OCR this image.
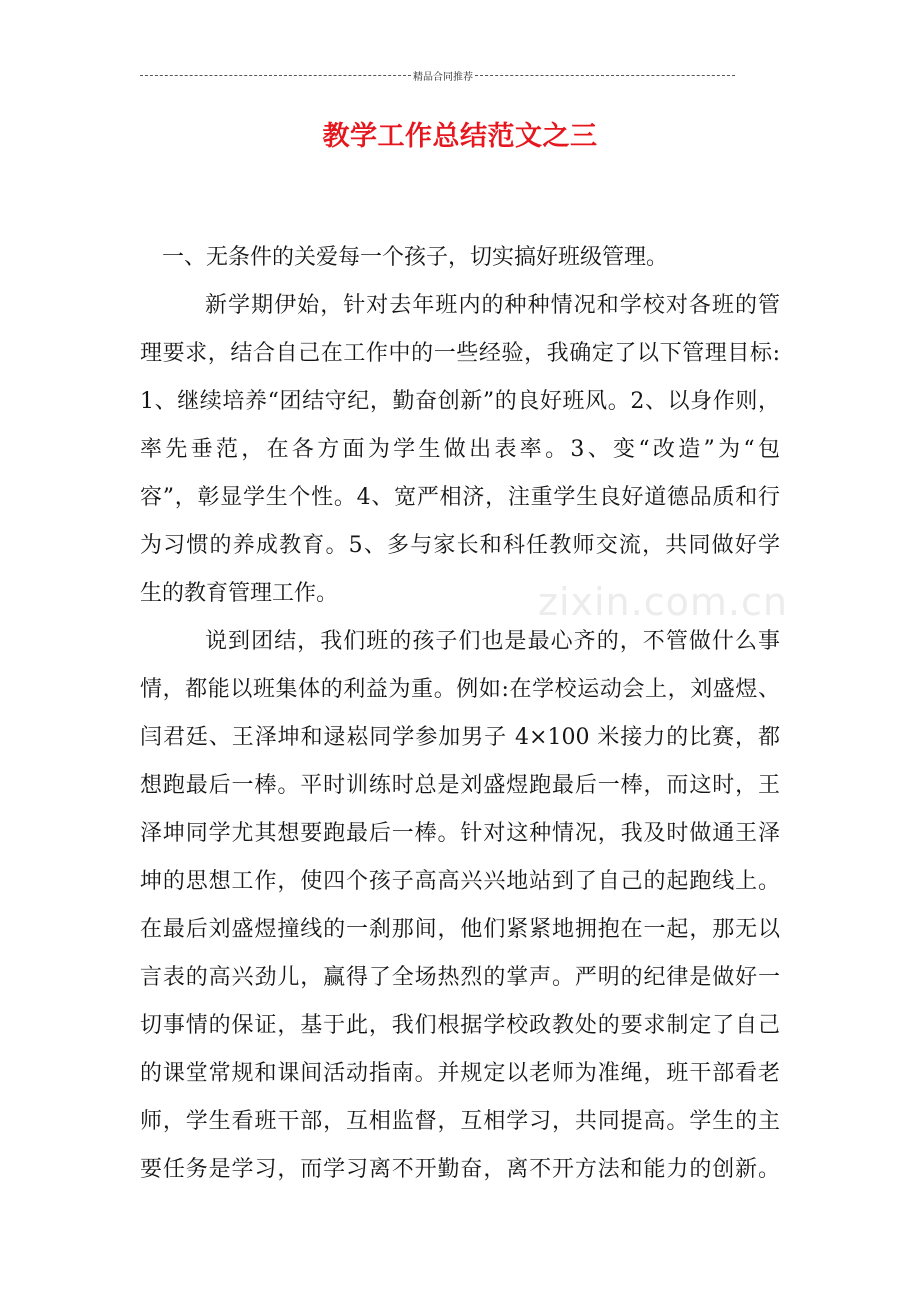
精品合同推荐
教学工作总结范文之三
zixin.com.cn
一、无条件的关爱每一个孩子，切实搞好班级管理。
新学期伊始，针对去年班内的种种情况和学校对各班的管
理要求，结合自己在工作中的一些经验，我确定了以下管理目标:
1、继续培养“团结守纪，勤奋创新”的良好班风。2、以身作则，
率先垂范，在各方面为学生做出表率。3、变“改造”为“包
容”，彰显学生个性。4、宽严相济，注重学生良好道德品质和行
为习惯的养成教育。5、多与家长和科任教师交流，共同做好学
生的教育管理工作。
说到团结，我们班的孩子们也是最心齐的，不管做什么事
情，都能以班集体的利益为重。例如:在学校运动会上，刘盛煜、
闫君廷、王泽坤和逯崧同学参加男子 4×100 米接力的比赛，都
想跑最后一棒。平时训练时总是刘盛煜跑最后一棒，而这时，王
泽坤同学尤其想要跑最后一棒。针对这种情况，我及时做通王泽
坤的思想工作，使四个孩子高高兴兴地站到了自己的起跑线上。
在最后刘盛煜撞线的一刹那间，他们紧紧地拥抱在一起，那无以
言表的高兴劲儿，赢得了全场热烈的掌声。严明的纪律是做好一
切事情的保证，基于此，我们根据学校政教处的要求制定了自己
的课堂常规和课间活动指南。并规定以老师为准绳，班干部看老
师，学生看班干部，互相监督，互相学习，共同提高。学生的主
要任务是学习，而学习离不开勤奋，离不开方法和能力的创新。
